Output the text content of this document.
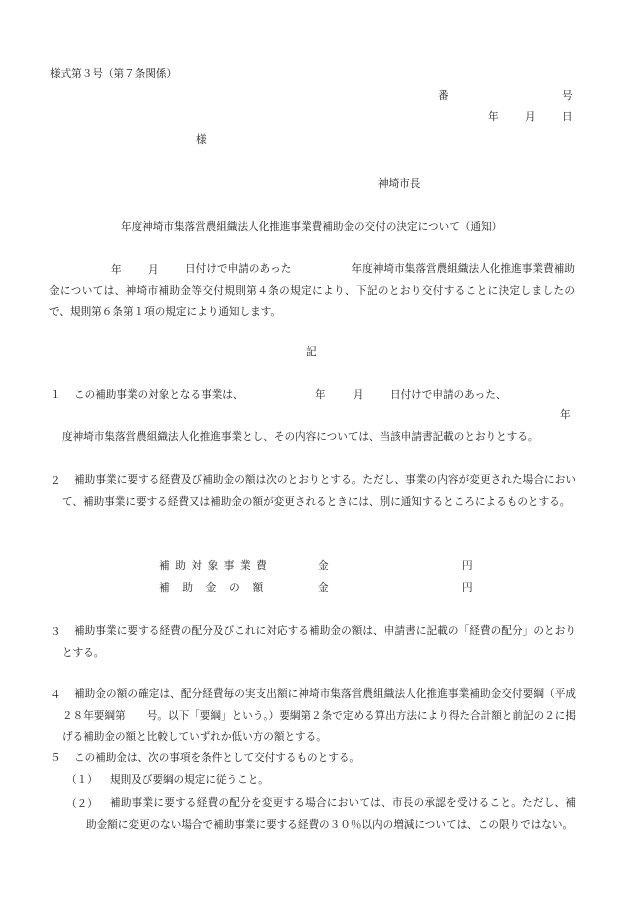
様式第３号（第７条関係）
番	号
年 月 日
様
神埼市長
年度神埼市集落営農組織法人化推進事業費補助金の交付の決定について（通知）
年 月	日付けで申請のあった	年度神埼市集落営農組織法人化推進事業費補助金については、神埼市補助金等交付規則第４条の規定により、下記のとおり交付することに決定しましたので、規則第６条第１項の規定により通知します。
記
１ この補助事業の対象となる事業は、	年	月 日付けで申請のあった、
年度神埼市集落営農組織法人化推進事業とし、その内容については、当該申請書記載のとおりとする。
２	補助事業に要する経費及び補助金の額は次のとおりとする。ただし、事業の内容が変更された場合において、補助事業に要する経費又は補助金の額が変更されるときには、別に通知するところによるものとする。
補助対象事業費	金	円
補助金の額	金	円
３	補助事業に要する経費の配分及びこれに対応する補助金の額は、申請書に記載の「経費の配分」のとおりとする。
４	補助金の額の確定は、配分経費毎の実支出額に神埼市集落営農組織法人化推進事業補助金交付要綱（平成２８年要綱第　　号。以下「要綱」という。）要綱第２条で定める算出方法により得た合計額と前記の２に掲げる補助金の額と比較していずれか低い方の額とする。
５ この補助金は、次の事項を条件として交付するものとする。
（１） 規則及び要綱の規定に従うこと。
（２）	補助事業に要する経費の配分を変更する場合においては、市長の承認を受けること。ただし、補助金額に変更のない場合で補助事業に要する経費の３０％以内の増減については、この限りではない。
